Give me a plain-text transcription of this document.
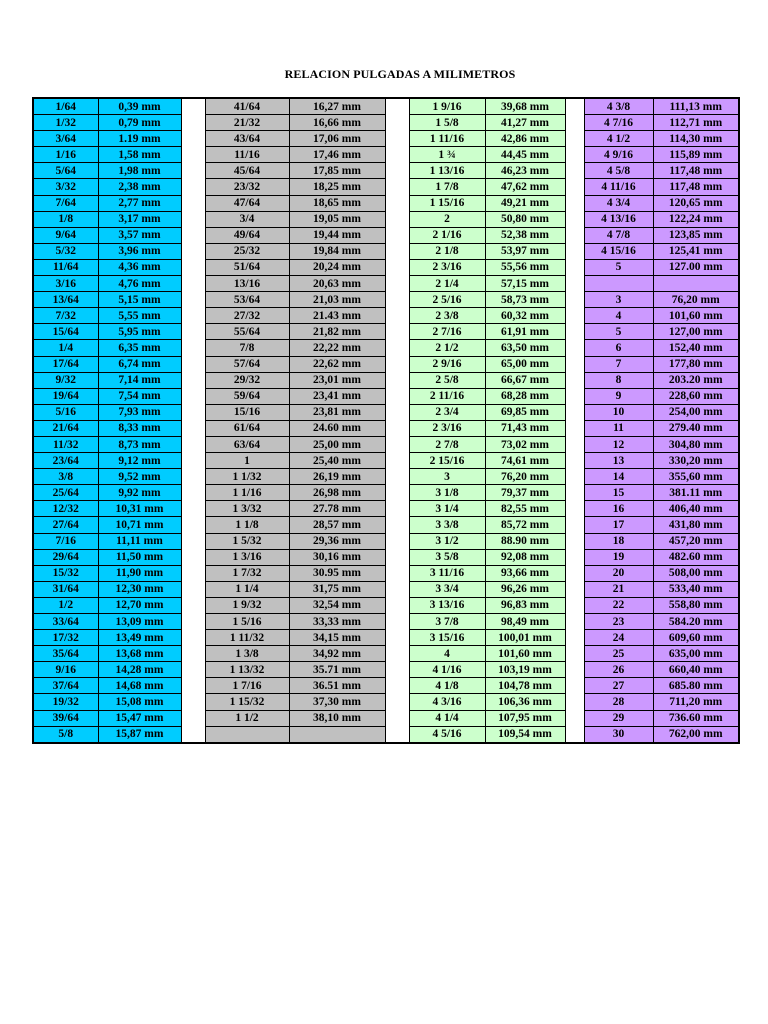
RELACION PULGADAS A MILIMETROS
1/64	0,39 mm		41/64	16,27 mm		1 9/16	39,68 mm		4 3/8	111,13 mm
1/32	0,79 mm		21/32	16,66 mm		1 5/8	41,27 mm		4 7/16	112,71 mm
3/64	1.19 mm		43/64	17,06 mm		1 11/16	42,86 mm		4 1/2	114,30 mm
1/16	1,58 mm		11/16	17,46 mm		1 ¾	44,45 mm		4 9/16	115,89 mm
5/64	1,98 mm		45/64	17,85 mm		1 13/16	46,23 mm		4 5/8	117,48 mm
3/32	2,38 mm		23/32	18,25 mm		1 7/8	47,62 mm		4 11/16	117,48 mm
7/64	2,77 mm		47/64	18,65 mm		1 15/16	49,21 mm		4 3/4	120,65 mm
1/8	3,17 mm		3/4	19,05 mm		2	50,80 mm		4 13/16	122,24 mm
9/64	3,57 mm		49/64	19,44 mm		2 1/16	52,38 mm		4 7/8	123,85 mm
5/32	3,96 mm		25/32	19,84 mm		2 1/8	53,97 mm		4 15/16	125,41 mm
11/64	4,36 mm		51/64	20,24 mm		2 3/16	55,56 mm		5	127.00 mm
3/16	4,76 mm		13/16	20,63 mm		2 1/4	57,15 mm			
13/64	5,15 mm		53/64	21,03 mm		2 5/16	58,73 mm		3	76,20 mm
7/32	5,55 mm		27/32	21.43 mm		2 3/8	60,32 mm		4	101,60 mm
15/64	5,95 mm		55/64	21,82 mm		2 7/16	61,91 mm		5	127,00 mm
1/4	6,35 mm		7/8	22,22 mm		2 1/2	63,50 mm		6	152,40 mm
17/64	6,74 mm		57/64	22,62 mm		2 9/16	65,00 mm		7	177,80 mm
9/32	7,14 mm		29/32	23,01 mm		2 5/8	66,67 mm		8	203.20 mm
19/64	7,54 mm		59/64	23,41 mm		2 11/16	68,28 mm		9	228,60 mm
5/16	7,93 mm		15/16	23,81 mm		2 3/4	69,85 mm		10	254,00 mm
21/64	8,33 mm		61/64	24.60 mm		2 3/16	71,43 mm		11	279.40 mm
11/32	8,73 mm		63/64	25,00 mm		2 7/8	73,02 mm		12	304,80 mm
23/64	9,12 mm		1	25,40 mm		2 15/16	74,61 mm		13	330,20 mm
3/8	9,52 mm		1 1/32	26,19 mm		3	76,20 mm		14	355,60 mm
25/64	9,92 mm		1 1/16	26,98 mm		3 1/8	79,37 mm		15	381.11 mm
12/32	10,31 mm		1 3/32	27.78 mm		3 1/4	82,55 mm		16	406,40 mm
27/64	10,71 mm		1 1/8	28,57 mm		3 3/8	85,72 mm		17	431,80 mm
7/16	11,11 mm		1 5/32	29,36 mm		3 1/2	88.90 mm		18	457,20 mm
29/64	11,50 mm		1 3/16	30,16 mm		3 5/8	92,08 mm		19	482.60 mm
15/32	11,90 mm		1 7/32	30.95 mm		3 11/16	93,66 mm		20	508,00 mm
31/64	12,30 mm		1 1/4	31,75 mm		3 3/4	96,26 mm		21	533,40 mm
1/2	12,70 mm		1 9/32	32,54 mm		3 13/16	96,83 mm		22	558,80 mm
33/64	13,09 mm		1 5/16	33,33 mm		3 7/8	98,49 mm		23	584.20 mm
17/32	13,49 mm		1 11/32	34,15 mm		3 15/16	100,01 mm		24	609,60 mm
35/64	13,68 mm		1 3/8	34,92 mm		4	101,60 mm		25	635,00 mm
9/16	14,28 mm		1 13/32	35.71 mm		4 1/16	103,19 mm		26	660,40 mm
37/64	14,68 mm		1 7/16	36.51 mm		4 1/8	104,78 mm		27	685.80 mm
19/32	15,08 mm		1 15/32	37,30 mm		4 3/16	106,36 mm		28	711,20 mm
39/64	15,47 mm		1 1/2	38,10 mm		4 1/4	107,95 mm		29	736.60 mm
5/8	15,87 mm					4 5/16	109,54 mm		30	762,00 mm
